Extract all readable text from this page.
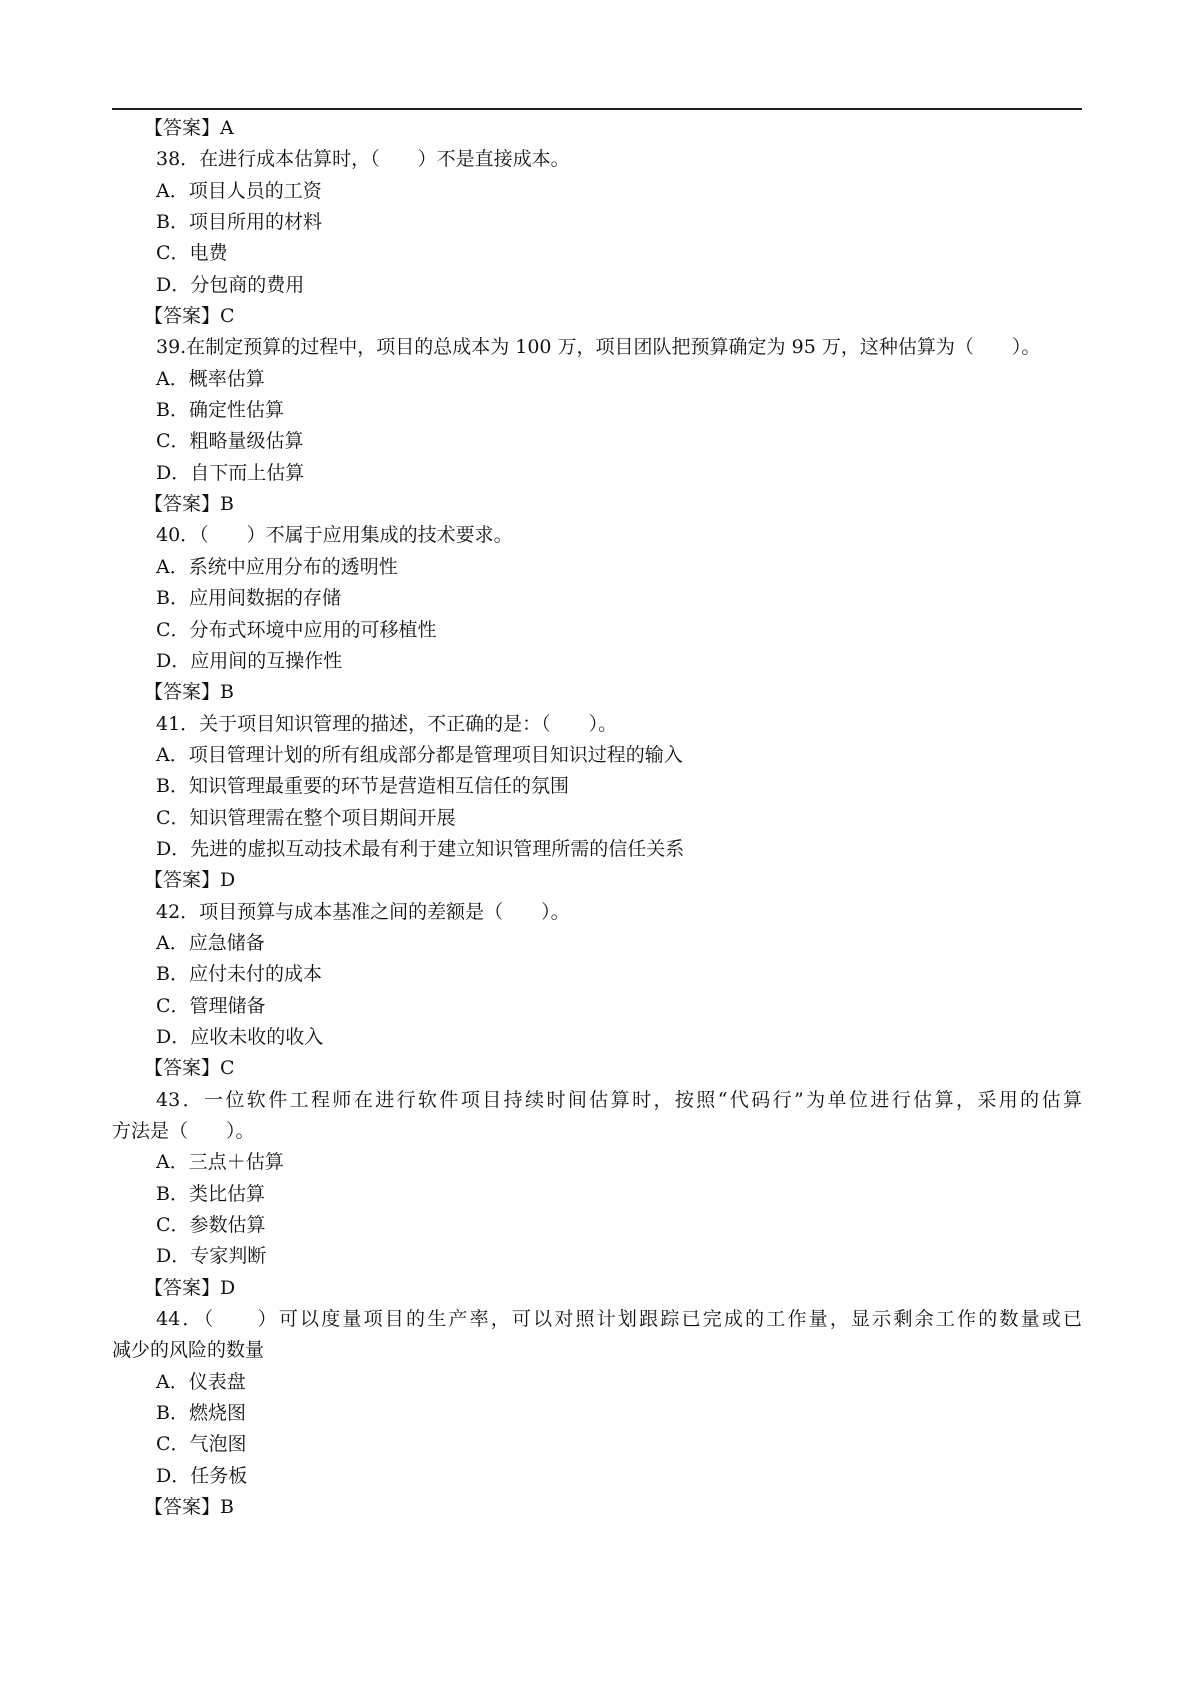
【答案】A
38．在进行成本估算时，（　　）不是直接成本。
A．项目人员的工资
B．项目所用的材料
C．电费
D．分包商的费用
【答案】C
39.在制定预算的过程中，项目的总成本为 100 万，项目团队把预算确定为 95 万，这种估算为（　　）。
A．概率估算
B．确定性估算
C．粗略量级估算
D．自下而上估算
【答案】B
40．（　　）不属于应用集成的技术要求。
A．系统中应用分布的透明性
B．应用间数据的存储
C．分布式环境中应用的可移植性
D．应用间的互操作性
【答案】B
41．关于项目知识管理的描述，不正确的是：（　　）。
A．项目管理计划的所有组成部分都是管理项目知识过程的输入
B．知识管理最重要的环节是营造相互信任的氛围
C．知识管理需在整个项目期间开展
D．先进的虚拟互动技术最有利于建立知识管理所需的信任关系
【答案】D
42．项目预算与成本基准之间的差额是（　　）。
A．应急储备
B．应付未付的成本
C．管理储备
D．应收未收的收入
【答案】C
43．一位软件工程师在进行软件项目持续时间估算时，按照“代码行”为单位进行估算，采用的估算
方法是（　　）。
A．三点＋估算
B．类比估算
C．参数估算
D．专家判断
【答案】D
44．（　　）可以度量项目的生产率，可以对照计划跟踪已完成的工作量，显示剩余工作的数量或已
减少的风险的数量
A．仪表盘
B．燃烧图
C．气泡图
D．任务板
【答案】B
